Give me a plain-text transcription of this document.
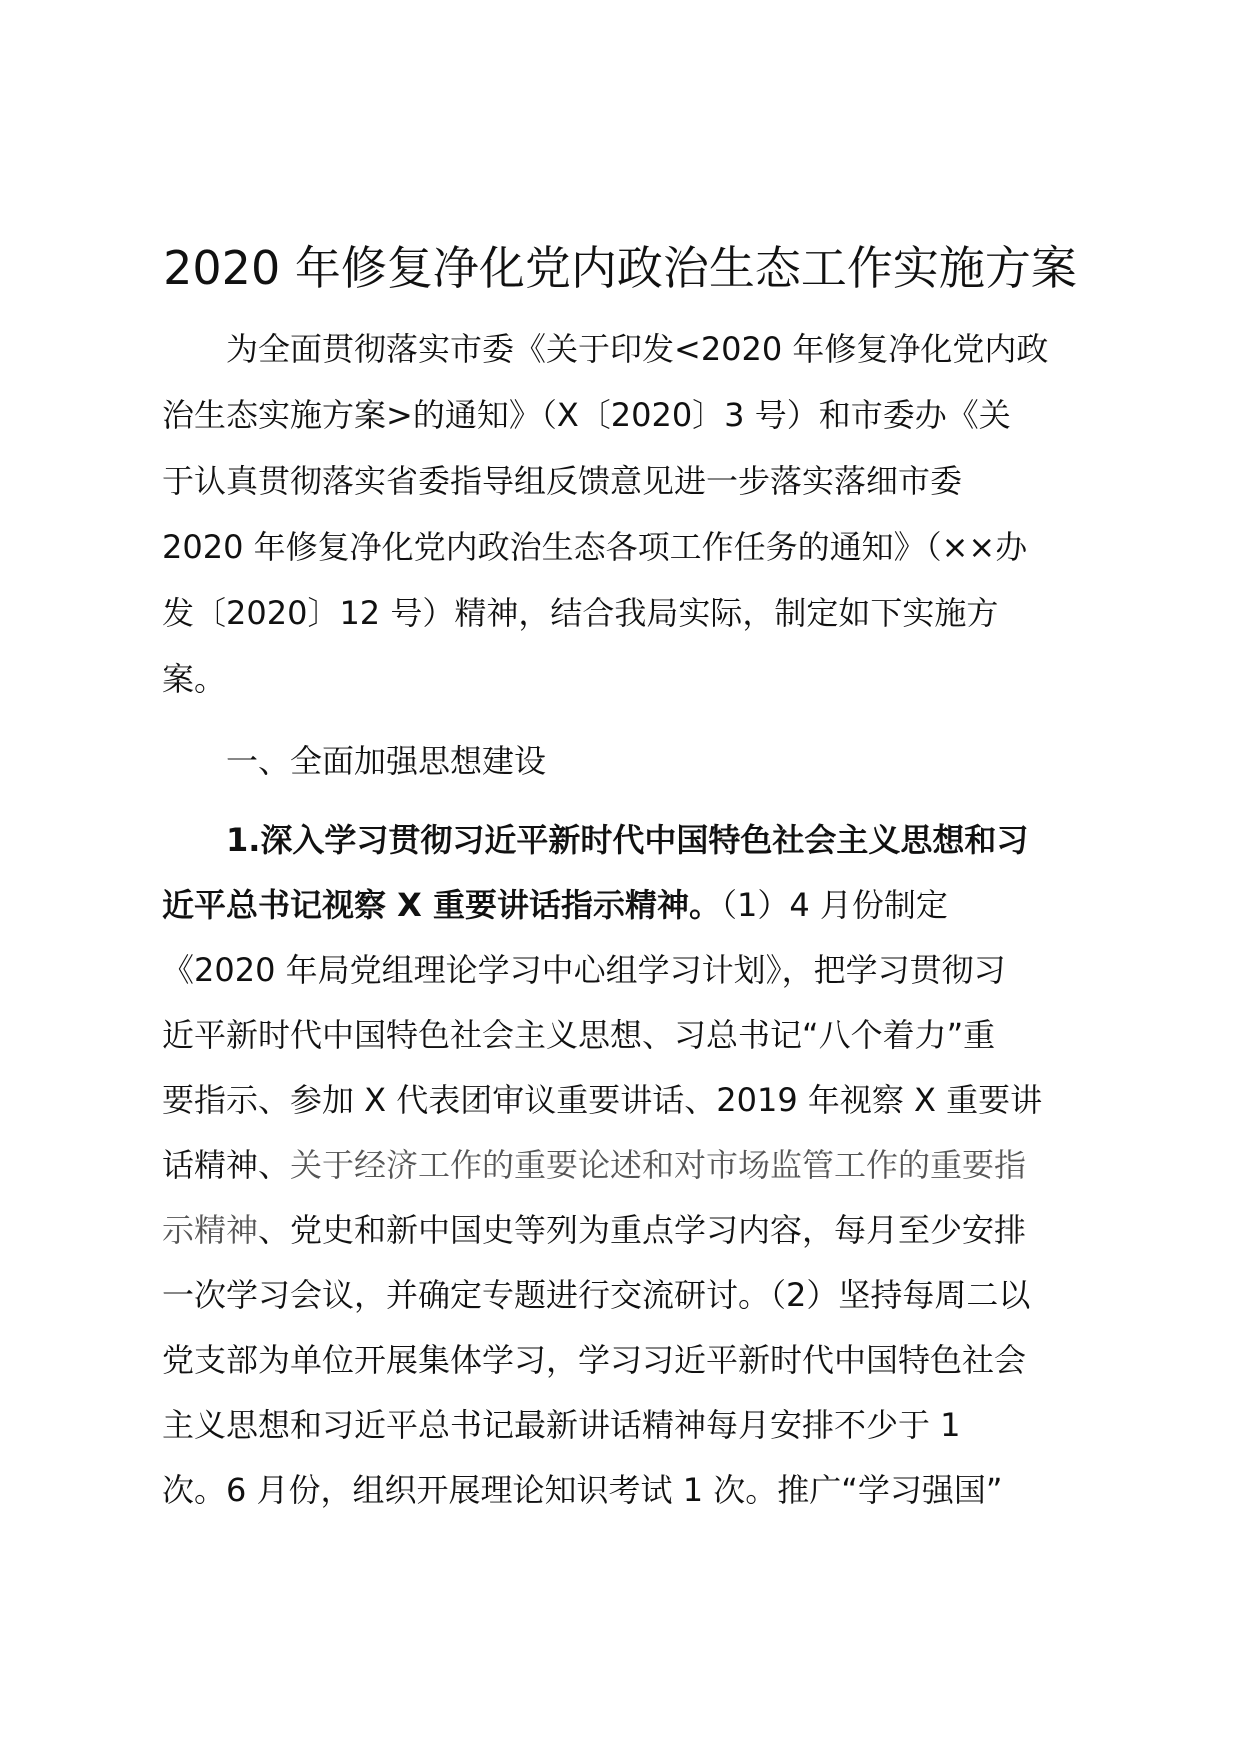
2020 年修复净化党内政治生态工作实施方案
为全面贯彻落实市委《关于印发<2020 年修复净化党内政
治生态实施方案>的通知》（X〔2020〕3 号）和市委办《关
于认真贯彻落实省委指导组反馈意见进一步落实落细市委
2020 年修复净化党内政治生态各项工作任务的通知》（××办
发〔2020〕12 号）精神，结合我局实际，制定如下实施方
案。
一、全面加强思想建设
1.深入学习贯彻习近平新时代中国特色社会主义思想和习
近平总书记视察 X 重要讲话指示精神。（1）4 月份制定
《2020 年局党组理论学习中心组学习计划》，把学习贯彻习
近平新时代中国特色社会主义思想、习总书记“八个着力”重
要指示、参加 X 代表团审议重要讲话、2019 年视察 X 重要讲
话精神、关于经济工作的重要论述和对市场监管工作的重要指
示精神、党史和新中国史等列为重点学习内容，每月至少安排
一次学习会议，并确定专题进行交流研讨。（2）坚持每周二以
党支部为单位开展集体学习，学习习近平新时代中国特色社会
主义思想和习近平总书记最新讲话精神每月安排不少于 1
次。6 月份，组织开展理论知识考试 1 次。推广“学习强国”
